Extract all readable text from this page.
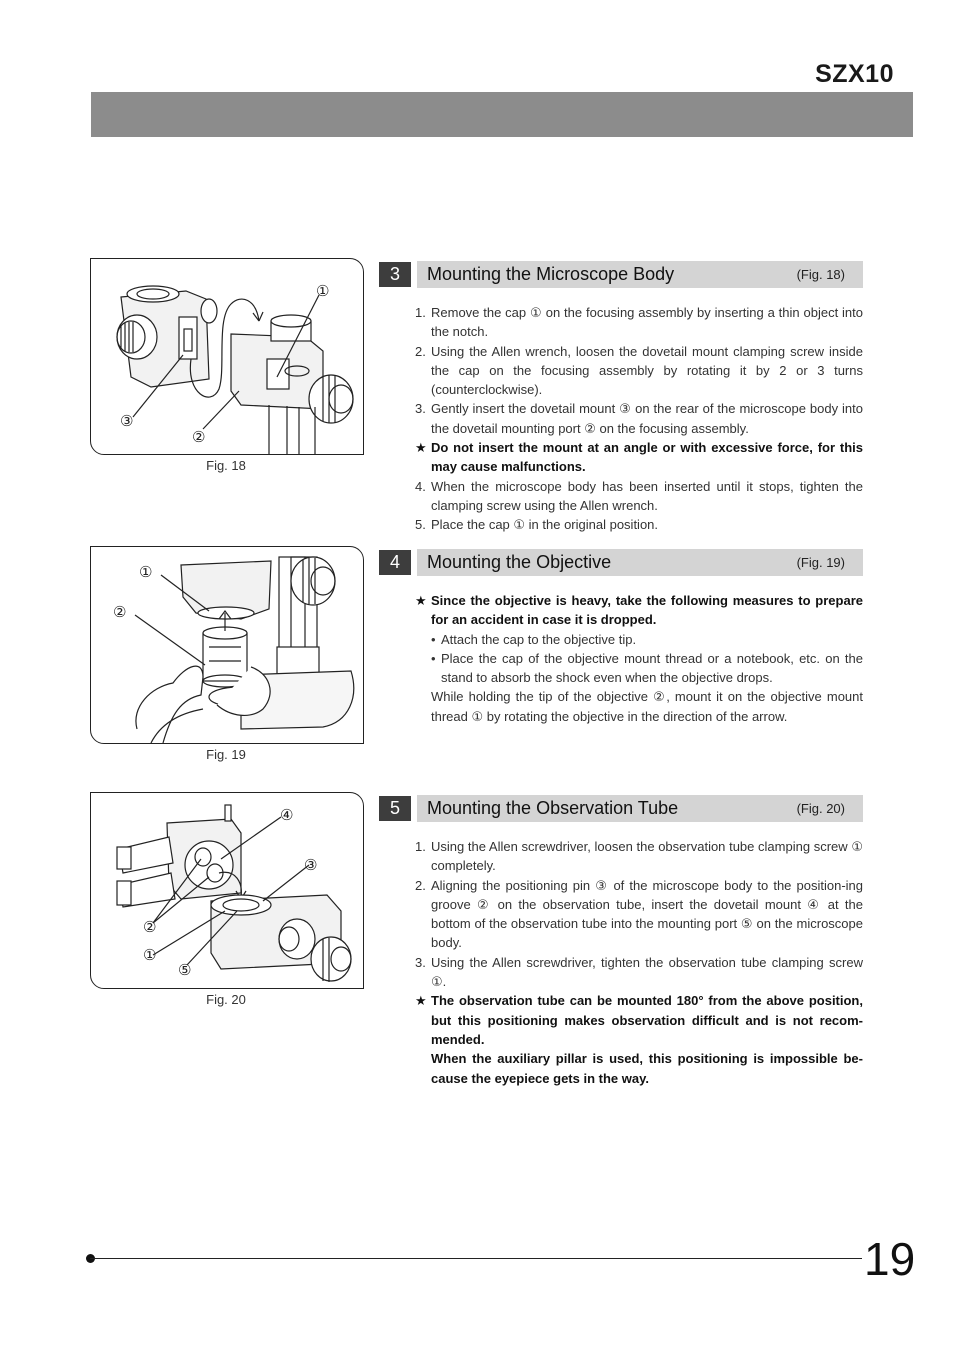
SZX10
①
②
③
Fig. 18
3	Mounting the Microscope Body	(Fig. 18)
1. Remove the cap ① on the focusing assembly by inserting a thin object into the notch.
2. Using the Allen wrench, loosen the dovetail mount clamping screw inside the cap on the focusing assembly by rotating it by 2 or 3 turns (counterclockwise).
3. Gently insert the dovetail mount ③ on the rear of the microscope body into the dovetail mounting port ② on the focusing assembly.
★ Do not insert the mount at an angle or with excessive force, for this may cause malfunctions.
4. When the microscope body has been inserted until it stops, tighten the clamping screw using the Allen wrench.
5. Place the cap ① in the original position.
①
②
Fig. 19
4	Mounting the Objective	(Fig. 19)
★ Since the objective is heavy, take the following measures to prepare for an accident in case it is dropped.
• Attach the cap to the objective tip.
• Place the cap of the objective mount thread or a notebook, etc. on the stand to absorb the shock even when the objective drops.
While holding the tip of the objective ②, mount it on the objective mount thread ① by rotating the objective in the direction of the arrow.
④
③
②
①
⑤
Fig. 20
5	Mounting the Observation Tube	(Fig. 20)
1. Using the Allen screwdriver, loosen the observation tube clamping screw ① completely.
2. Aligning the positioning pin ③ of the microscope body to the position-ing groove ② on the observation tube, insert the dovetail mount ④ at the bottom of the observation tube into the mounting port ⑤ on the microscope body.
3. Using the Allen screwdriver, tighten the observation tube clamping screw ①.
★ The observation tube can be mounted 180° from the above position, but this positioning makes observation difficult and is not recom-mended.
When the auxiliary pillar is used, this positioning is impossible be-cause the eyepiece gets in the way.
19
